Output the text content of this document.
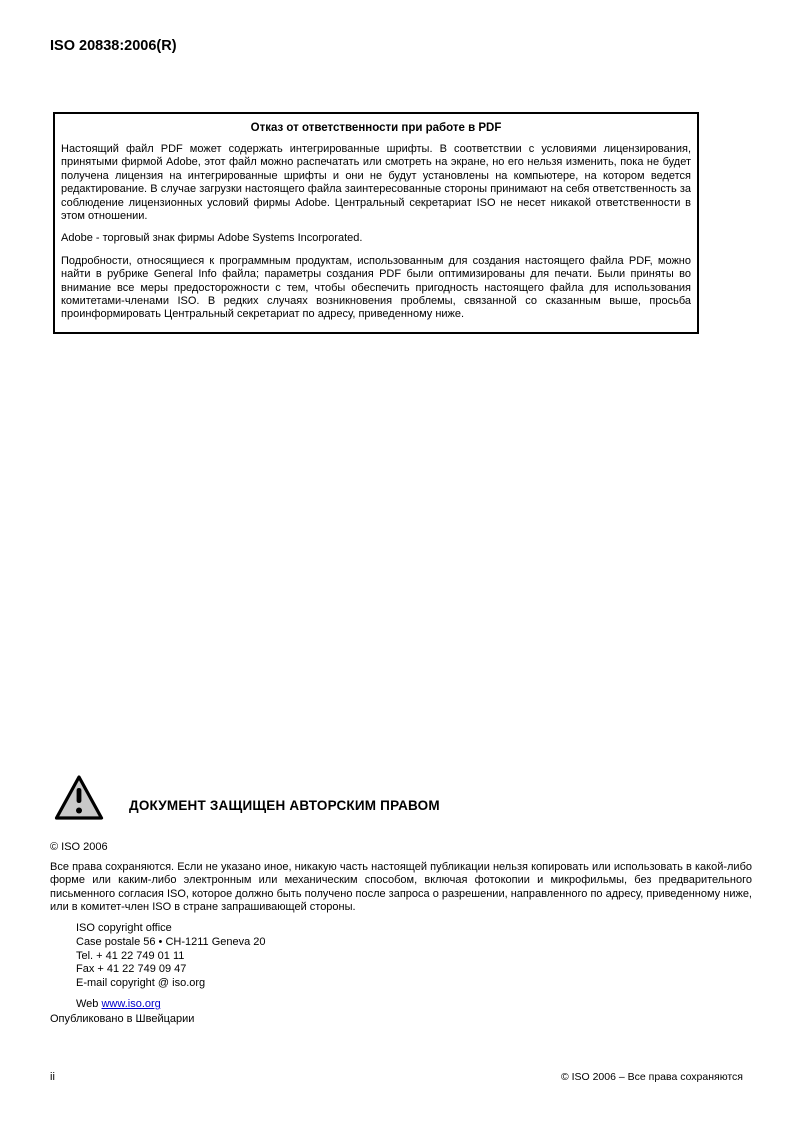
ISO 20838:2006(R)
Отказ от ответственности при работе в PDF

Настоящий файл PDF может содержать интегрированные шрифты. В соответствии с условиями лицензирования, принятыми фирмой Adobe, этот файл можно распечатать или смотреть на экране, но его нельзя изменить, пока не будет получена лицензия на интегрированные шрифты и они не будут установлены на компьютере, на котором ведется редактирование. В случае загрузки настоящего файла заинтересованные стороны принимают на себя ответственность за соблюдение лицензионных условий фирмы Adobe. Центральный секретариат ISO не несет никакой ответственности в этом отношении.

Adobe - торговый знак фирмы Adobe Systems Incorporated.

Подробности, относящиеся к программным продуктам, использованным для создания настоящего файла PDF, можно найти в рубрике General Info файла; параметры создания PDF были оптимизированы для печати. Были приняты во внимание все меры предосторожности с тем, чтобы обеспечить пригодность настоящего файла для использования комитетами-членами ISO. В редких случаях возникновения проблемы, связанной со сказанным выше, просьба проинформировать Центральный секретариат по адресу, приведенному ниже.

ДОКУМЕНТ ЗАЩИЩЕН АВТОРСКИМ ПРАВОМ
© ISO 2006

Все права сохраняются. Если не указано иное, никакую часть настоящей публикации нельзя копировать или использовать в какой-либо форме или каким-либо электронным или механическим способом, включая фотокопии и микрофильмы, без предварительного письменного согласия ISO, которое должно быть получено после запроса о разрешении, направленного по адресу, приведенному ниже, или в комитет-член ISO в стране запрашивающей стороны.

ISO copyright office
Case postale 56 • CH-1211 Geneva 20
Tel. + 41 22 749 01 11
Fax + 41 22 749 09 47
E-mail copyright @ iso.org
Web www.iso.org
Опубликовано в Швейцарии
ii	© ISO 2006 – Все права сохраняются
